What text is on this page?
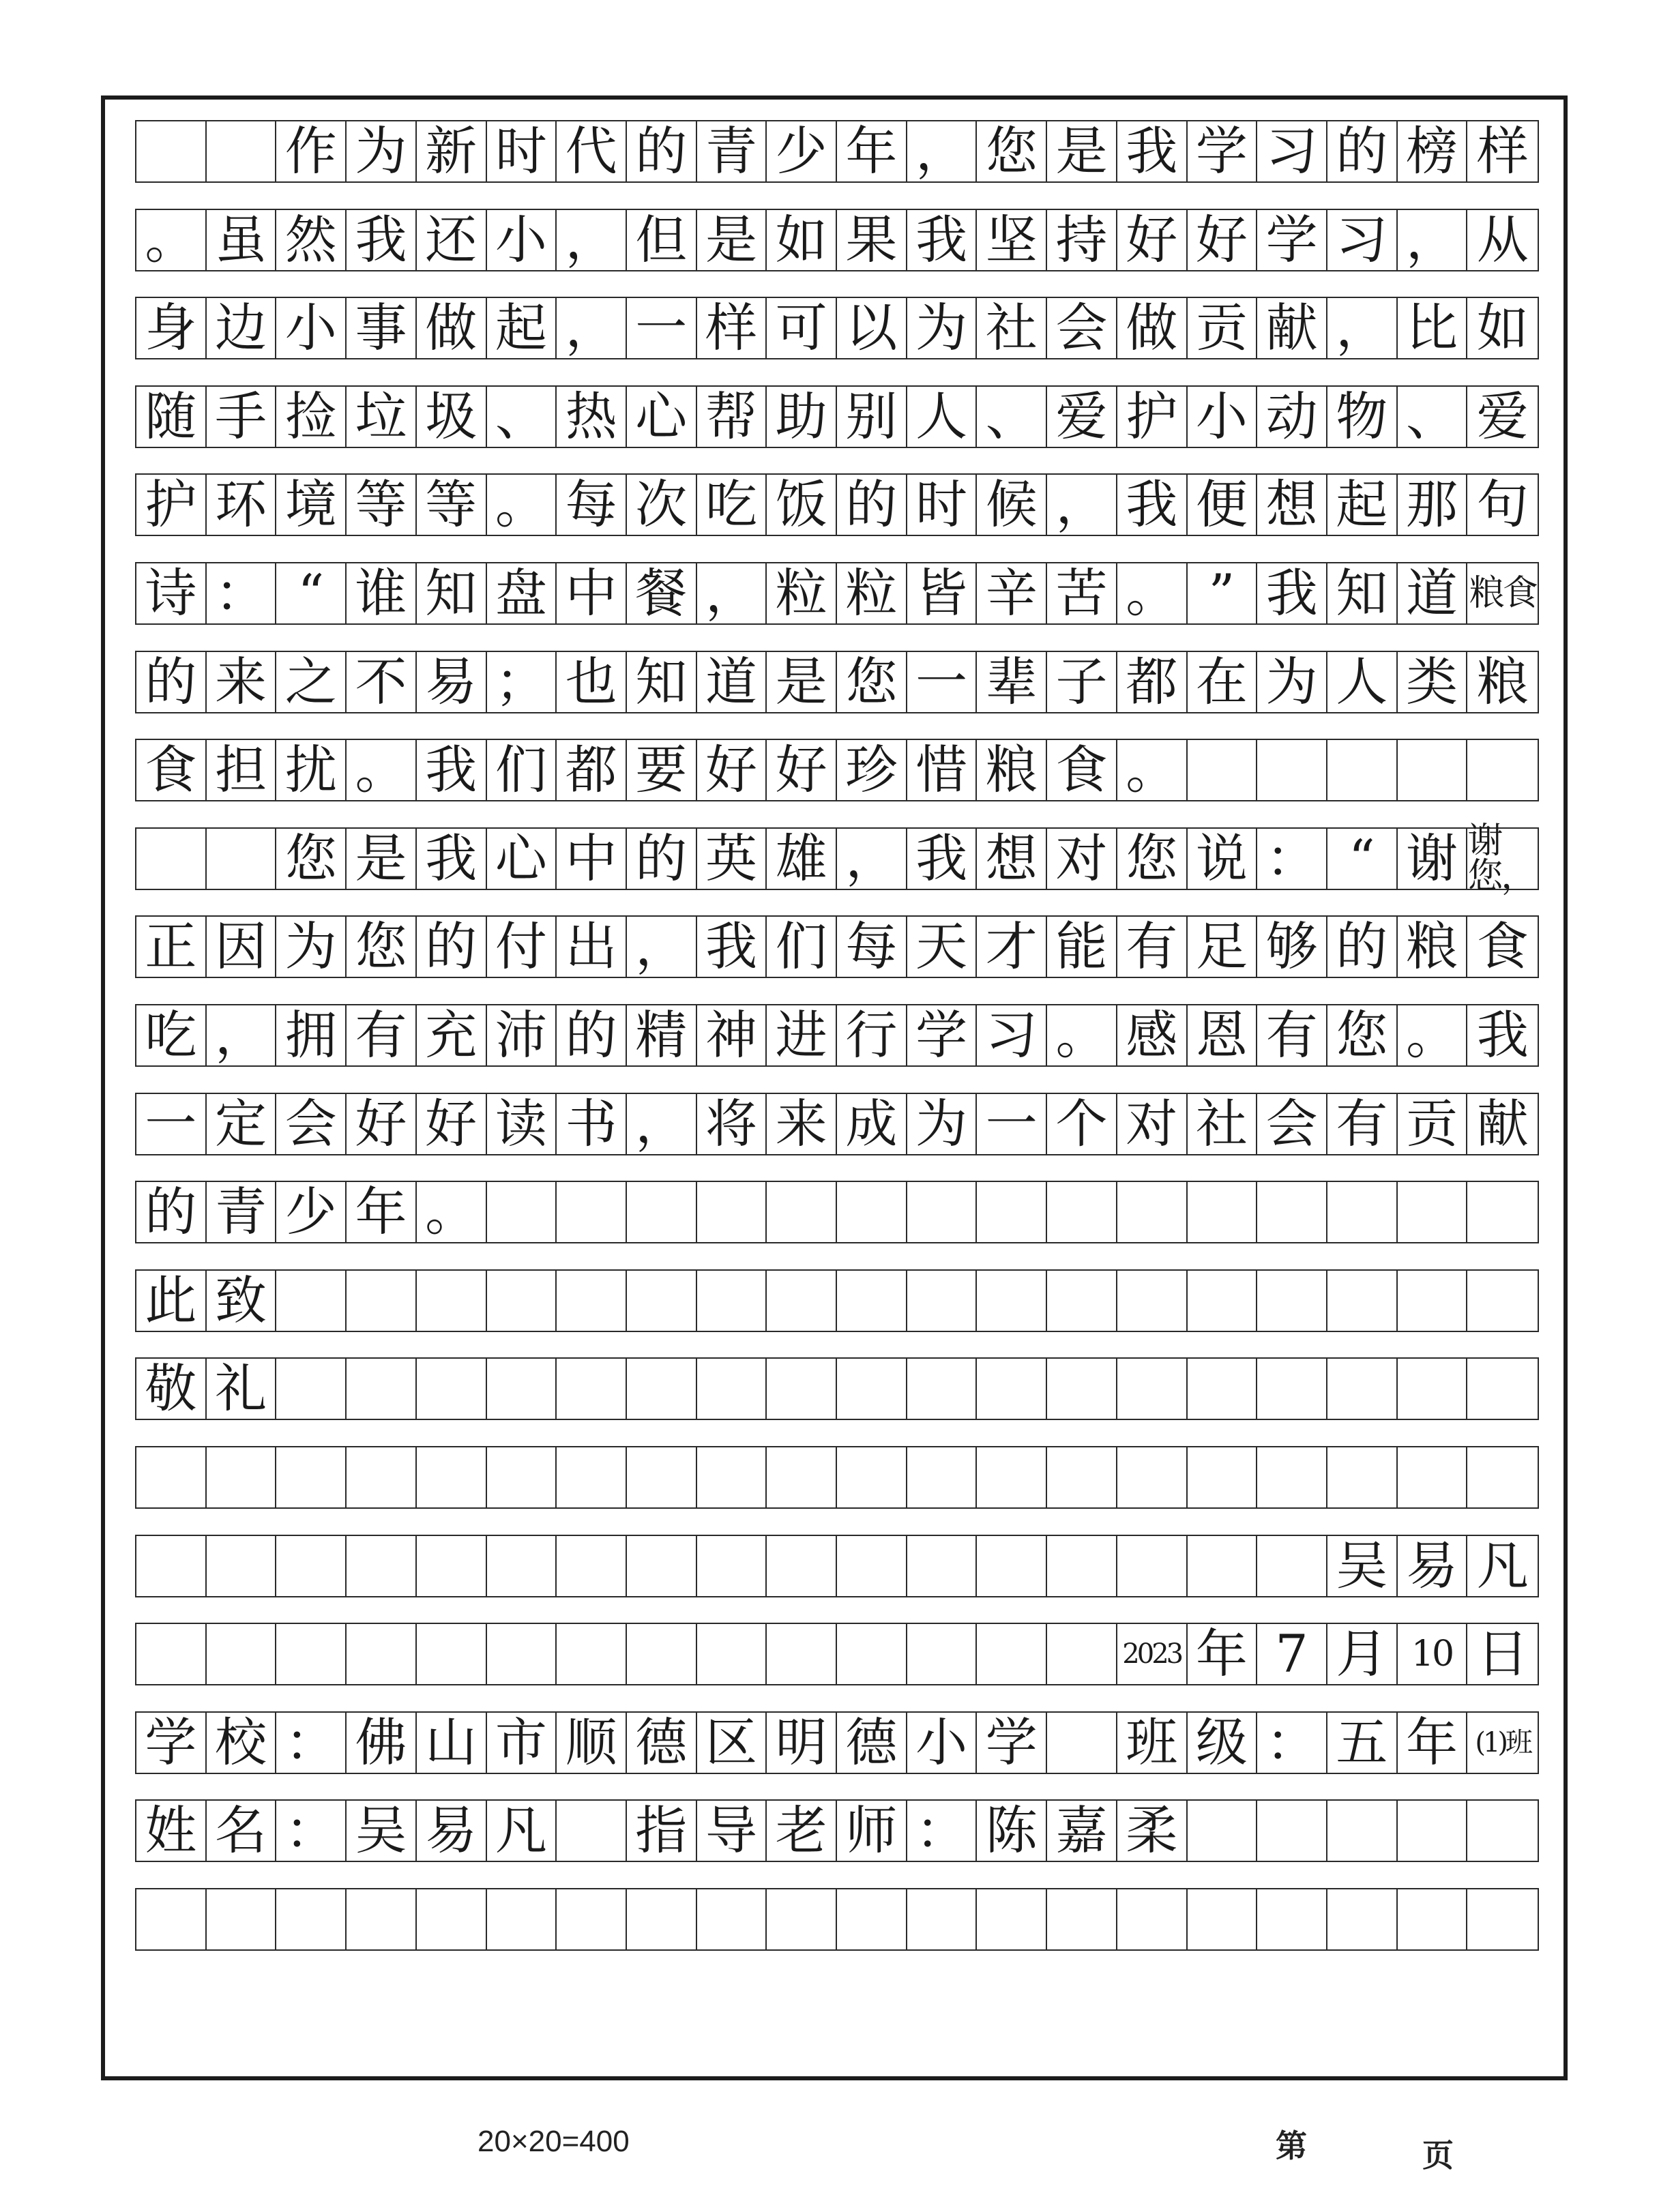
作 为 新 时 代 的 青 少 年 ， 您 是 我 学 习 的 榜 样
。 虽 然 我 还 小 ， 但 是 如 果 我 坚 持 好 好 学 习 ， 从
身 边 小 事 做 起 ， 一 样 可 以 为 社 会 做 贡 献 ， 比 如
随 手 捡 垃 圾 、 热 心 帮 助 别 人 、 爱 护 小 动 物 、 爱
护 环 境 等 等 。 每 次 吃 饭 的 时 候 ， 我 便 想 起 那 句
诗 ： “ 谁 知 盘 中 餐 ， 粒 粒 皆 辛 苦 。 ” 我 知 道 粮食
的 来 之 不 易 ； 也 知 道 是 您 一 辈 子 都 在 为 人 类 粮
食 担 扰 。 我 们 都 要 好 好 珍 惜 粮 食 。
您 是 我 心 中 的 英 雄 ， 我 想 对 您 说 ： “ 谢 谢您，
正 因 为 您 的 付 出 ， 我 们 每 天 才 能 有 足 够 的 粮 食
吃 ， 拥 有 充 沛 的 精 神 进 行 学 习 。 感 恩 有 您 。 我
一 定 会 好 好 读 书 ， 将 来 成 为 一 个 对 社 会 有 贡 献
的 青 少 年 。
此 致
敬 礼
吴 易 凡
2023 年 7 月 10 日
学 校 ： 佛 山 市 顺 德 区 明 德 小 学 班 级 ： 五 年 (1)班
姓 名 ： 吴 易 凡 指 导 老 师 ： 陈 嘉 柔
20×20=400	第	页
